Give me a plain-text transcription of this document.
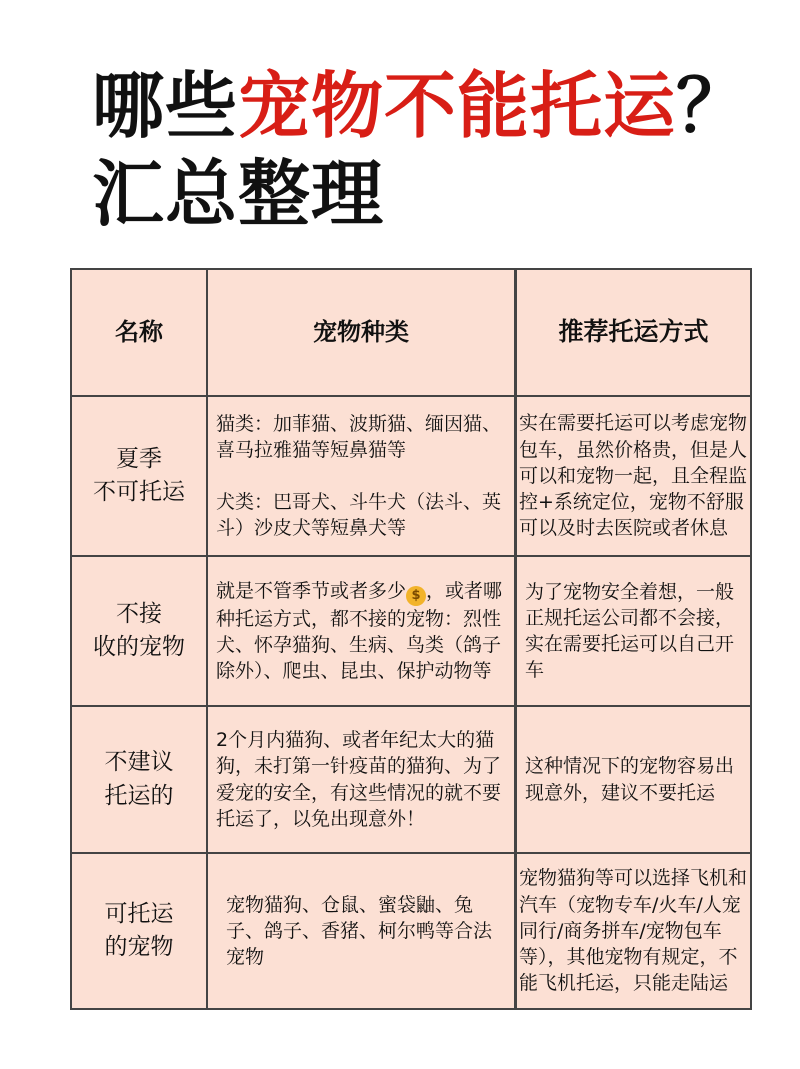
哪些宠物不能托运？
汇总整理
名称	宠物种类	推荐托运方式
夏季
不可托运
猫类：加菲猫、波斯猫、缅因猫、喜马拉雅猫等短鼻猫等
犬类：巴哥犬、斗牛犬（法斗、英斗）沙皮犬等短鼻犬等
实在需要托运可以考虑宠物包车，虽然价格贵，但是人可以和宠物一起，且全程监控+系统定位，宠物不舒服可以及时去医院或者休息
不接
收的宠物
就是不管季节或者多少 $ ，或者哪种托运方式，都不接的宠物：烈性犬、怀孕猫狗、生病、鸟类（鸽子除外）、爬虫、昆虫、保护动物等
为了宠物安全着想，一般正规托运公司都不会接，实在需要托运可以自己开车
不建议
托运的
2个月内猫狗、或者年纪太大的猫狗，未打第一针疫苗的猫狗、为了爱宠的安全，有这些情况的就不要托运了，以免出现意外！
这种情况下的宠物容易出现意外，建议不要托运
可托运
的宠物
宠物猫狗、仓鼠、蜜袋鼬、兔子、鸽子、香猪、柯尔鸭等合法宠物
宠物猫狗等可以选择飞机和汽车（宠物专车/火车/人宠同行/商务拼车/宠物包车等），其他宠物有规定，不能飞机托运，只能走陆运
